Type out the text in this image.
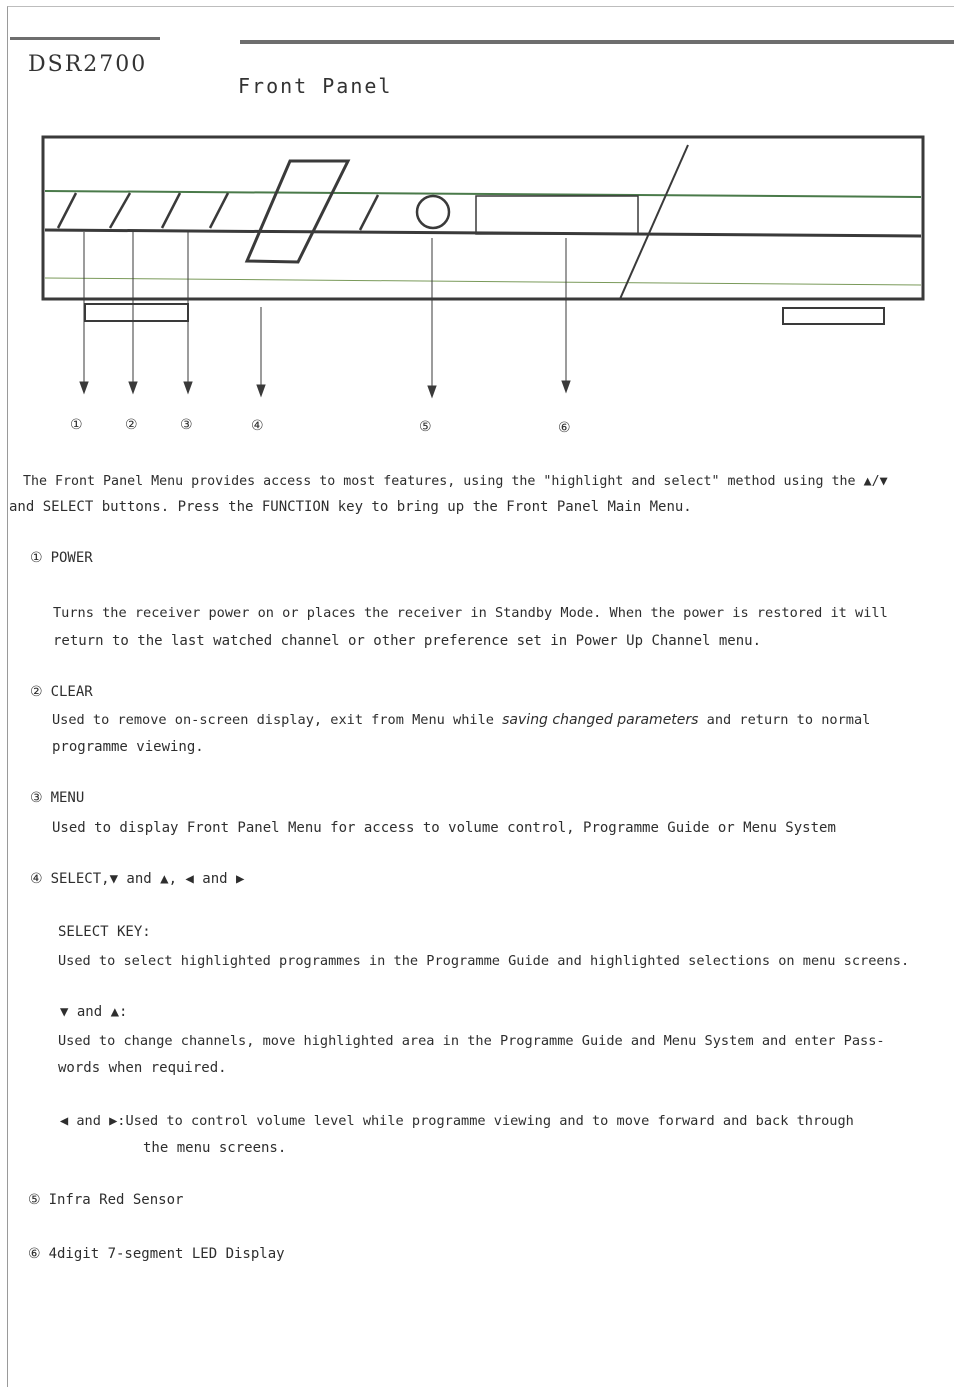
DSR2700
Front Panel
①	②	③	④	⑤	⑥
The Front Panel Menu provides access to most features, using the "highlight and select" method using the ▲/▼
and SELECT buttons. Press the FUNCTION key to bring up the Front Panel Main Menu.
① POWER
Turns the receiver power on or places the receiver in Standby Mode. When the power is restored it will
return to the last watched channel or other preference set in Power Up Channel menu.
② CLEAR
Used to remove on-screen display, exit from Menu while saving changed parameters and return to normal
programme viewing.
③ MENU
Used to display Front Panel Menu for access to volume control, Programme Guide or Menu System
④ SELECT,▼ and ▲, ◀ and ▶
SELECT KEY:
Used to select highlighted programmes in the Programme Guide and highlighted selections on menu screens.
▼ and ▲:
Used to change channels, move highlighted area in the Programme Guide and Menu System and enter Pass-
words when required.
◀ and ▶:Used to control volume level while programme viewing and to move forward and back through
the menu screens.
⑤ Infra Red Sensor
⑥ 4digit 7-segment LED Display
